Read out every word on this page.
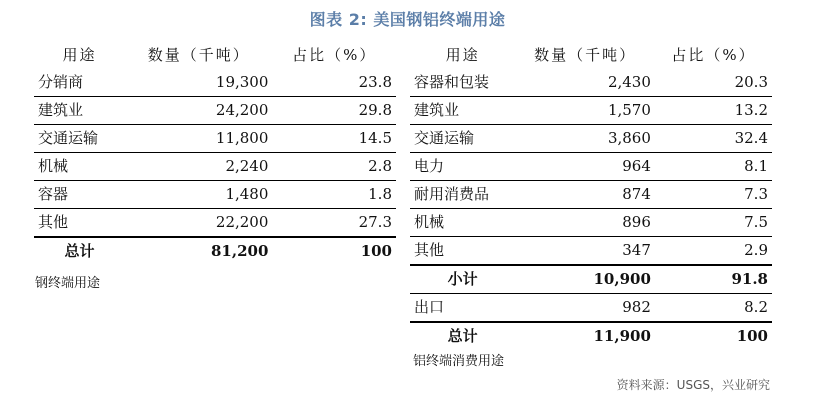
图表 2: 美国钢铝终端用途
用途	数量（千吨）	占比（%）
分销商	19,300	23.8
建筑业	24,200	29.8
交通运输	11,800	14.5
机械	2,240	2.8
容器	1,480	1.8
其他	22,200	27.3
总计	81,200	100
钢终端用途
用途	数量（千吨）	占比（%）
容器和包装	2,430	20.3
建筑业	1,570	13.2
交通运输	3,860	32.4
电力	964	8.1
耐用消费品	874	7.3
机械	896	7.5
其他	347	2.9
小计	10,900	91.8
出口	982	8.2
总计	11,900	100
铝终端消费用途
资料来源：USGS，兴业研究
